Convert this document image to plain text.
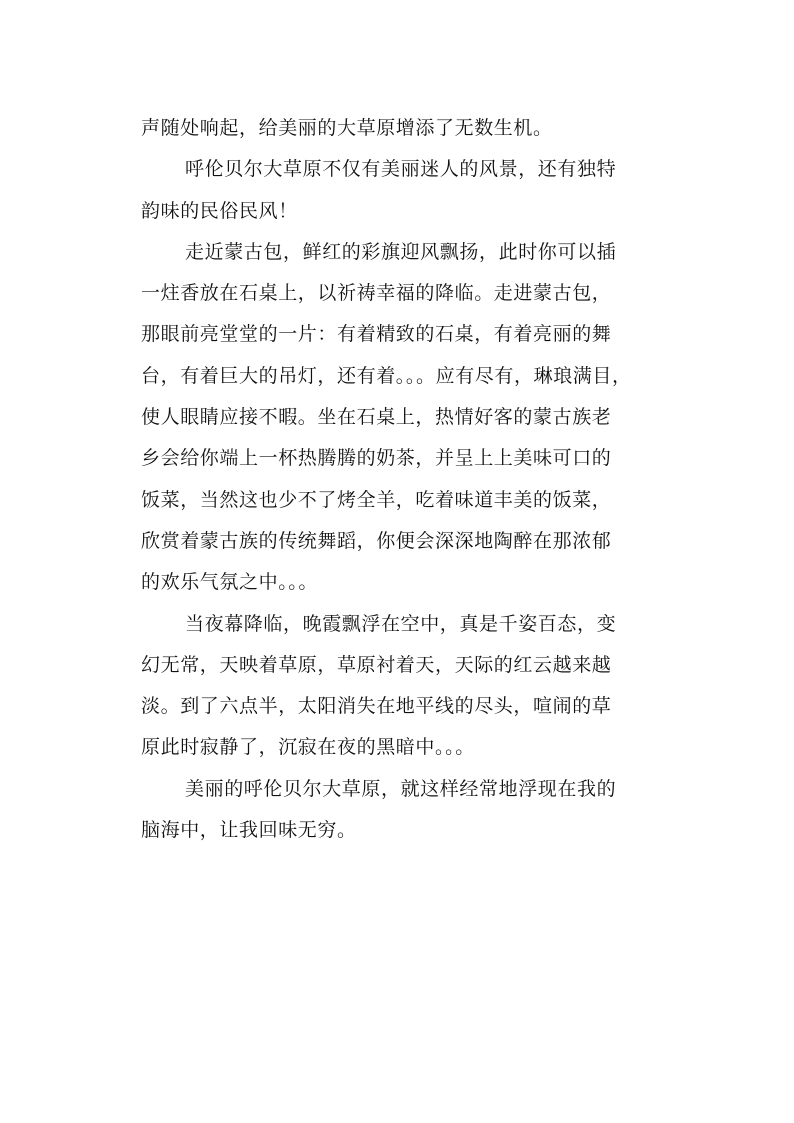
声随处响起，给美丽的大草原增添了无数生机。
呼伦贝尔大草原不仅有美丽迷人的风景，还有独特
韵味的民俗民风！
走近蒙古包，鲜红的彩旗迎风飘扬，此时你可以插
一炷香放在石桌上，以祈祷幸福的降临。走进蒙古包，
那眼前亮堂堂的一片：有着精致的石桌，有着亮丽的舞
台，有着巨大的吊灯，还有着。。。应有尽有，琳琅满目，
使人眼睛应接不暇。坐在石桌上，热情好客的蒙古族老
乡会给你端上一杯热腾腾的奶茶，并呈上上美味可口的
饭菜，当然这也少不了烤全羊，吃着味道丰美的饭菜，
欣赏着蒙古族的传统舞蹈，你便会深深地陶醉在那浓郁
的欢乐气氛之中。。。
当夜幕降临，晚霞飘浮在空中，真是千姿百态，变
幻无常，天映着草原，草原衬着天，天际的红云越来越
淡。到了六点半，太阳消失在地平线的尽头，喧闹的草
原此时寂静了，沉寂在夜的黑暗中。。。
美丽的呼伦贝尔大草原，就这样经常地浮现在我的
脑海中，让我回味无穷。
